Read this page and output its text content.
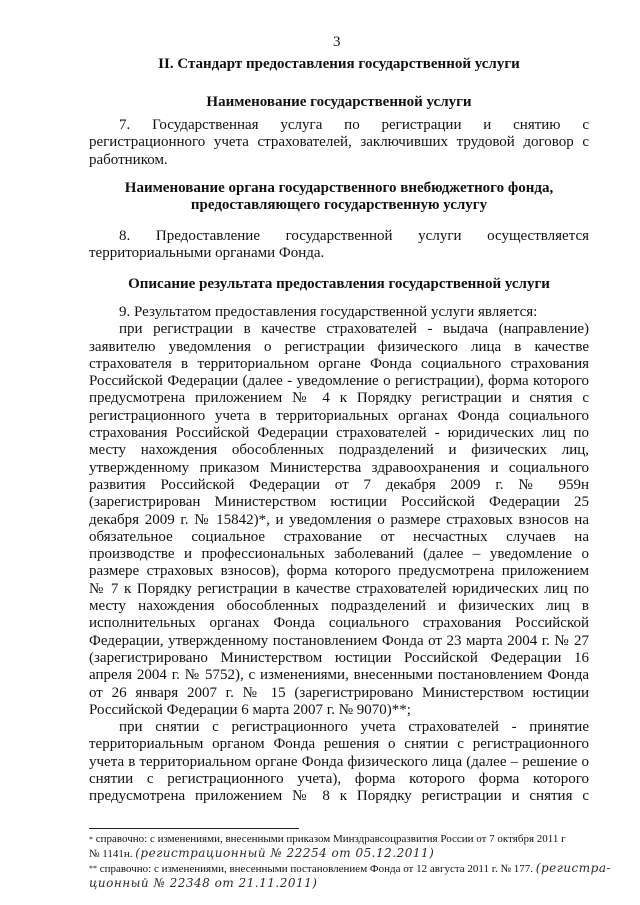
3
II. Стандарт предоставления государственной услуги
Наименование государственной услуги

7. Государственная услуга по регистрации и снятию с

регистрационного учета страхователей, заключивших трудовой договор с

работником.

Наименование органа государственного внебюджетного фонда,
предоставляющего государственную услугу

8. Предоставление государственной услуги осуществляется

территориальными органами Фонда.

Описание результата предоставления государственной услуги

9. Результатом предоставления государственной услуги является:

при регистрации в качестве страхователей - выдача (направление)

заявителю уведомления о регистрации физического лица в качестве

страхователя в территориальном органе Фонда социального страхования

Российской Федерации (далее - уведомление о регистрации), форма которого

предусмотрена приложением № 4 к Порядку регистрации и снятия с

регистрационного учета в территориальных органах Фонда социального

страхования Российской Федерации страхователей - юридических лиц по

месту нахождения обособленных подразделений и физических лиц,

утвержденному приказом Министерства здравоохранения и социального

развития Российской Федерации от 7 декабря 2009 г. № 959н

(зарегистрирован Министерством юстиции Российской Федерации 25

декабря 2009 г. № 15842)*, и уведомления о размере страховых взносов на

обязательное социальное страхование от несчастных случаев на

производстве и профессиональных заболеваний (далее – уведомление о

размере страховых взносов), форма которого предусмотрена приложением

№ 7 к Порядку регистрации в качестве страхователей юридических лиц по

месту нахождения обособленных подразделений и физических лиц в

исполнительных органах Фонда социального страхования Российской

Федерации, утвержденному постановлением Фонда от 23 марта 2004 г. № 27

(зарегистрировано Министерством юстиции Российской Федерации 16

апреля 2004 г. № 5752), с изменениями, внесенными постановлением Фонда

от 26 января 2007 г. № 15 (зарегистрировано Министерством юстиции

Российской Федерации 6 марта 2007 г. № 9070)**;

при снятии с регистрационного учета страхователей - принятие

территориальным органом Фонда решения о снятии с регистрационного

учета в территориальном органе Фонда физического лица (далее – решение о

снятии с регистрационного учета), форма которого форма которого

предусмотрена приложением № 8 к Порядку регистрации и снятия с

* справочно: с изменениями, внесенными приказом Минздравсоцразвития России от 7 октября 2011 г
№ 1141н. (регистрационный № 22254 от 05.12.2011)
** справочно: с изменениями, внесенными постановлением Фонда от 12 августа 2011 г. № 177. (регистра-
ционный № 22348 от 21.11.2011)
